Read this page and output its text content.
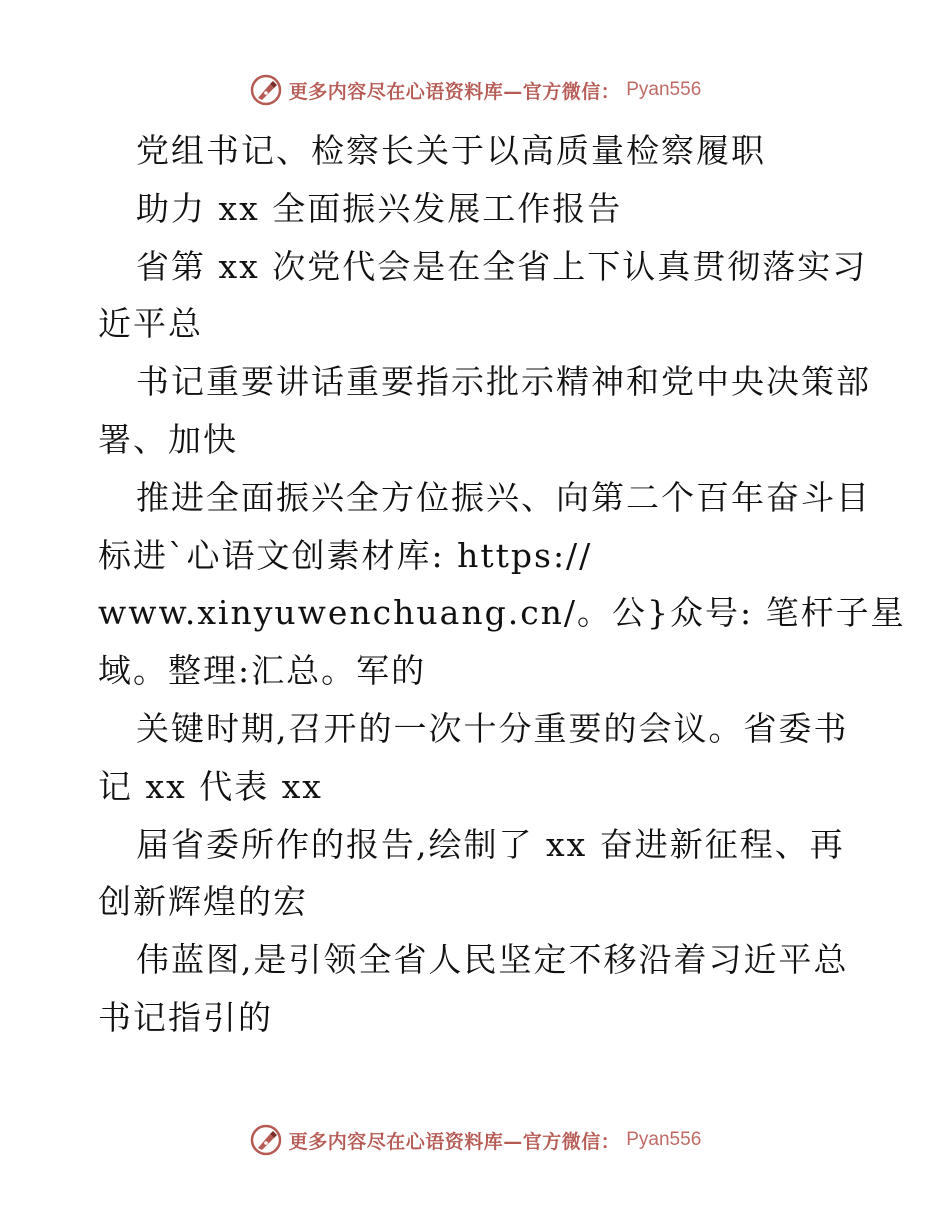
更多内容尽在心语资料库—官方微信： Pyan556
党组书记、检察长关于以高质量检察履职
助力 xx 全面振兴发展工作报告
省第 xx 次党代会是在全省上下认真贯彻落实习
近平总
书记重要讲话重要指示批示精神和党中央决策部
署、加快
推进全面振兴全方位振兴、向第二个百年奋斗目
标进`心语文创素材库: https://
www.xinyuwenchuang.cn/。公}众号: 笔杆子星
域。整理:汇总。军的
关键时期,召开的一次十分重要的会议。省委书
记 xx 代表 xx
届省委所作的报告,绘制了 xx 奋进新征程、再
创新辉煌的宏
伟蓝图,是引领全省人民坚定不移沿着习近平总
书记指引的
更多内容尽在心语资料库—官方微信： Pyan556
